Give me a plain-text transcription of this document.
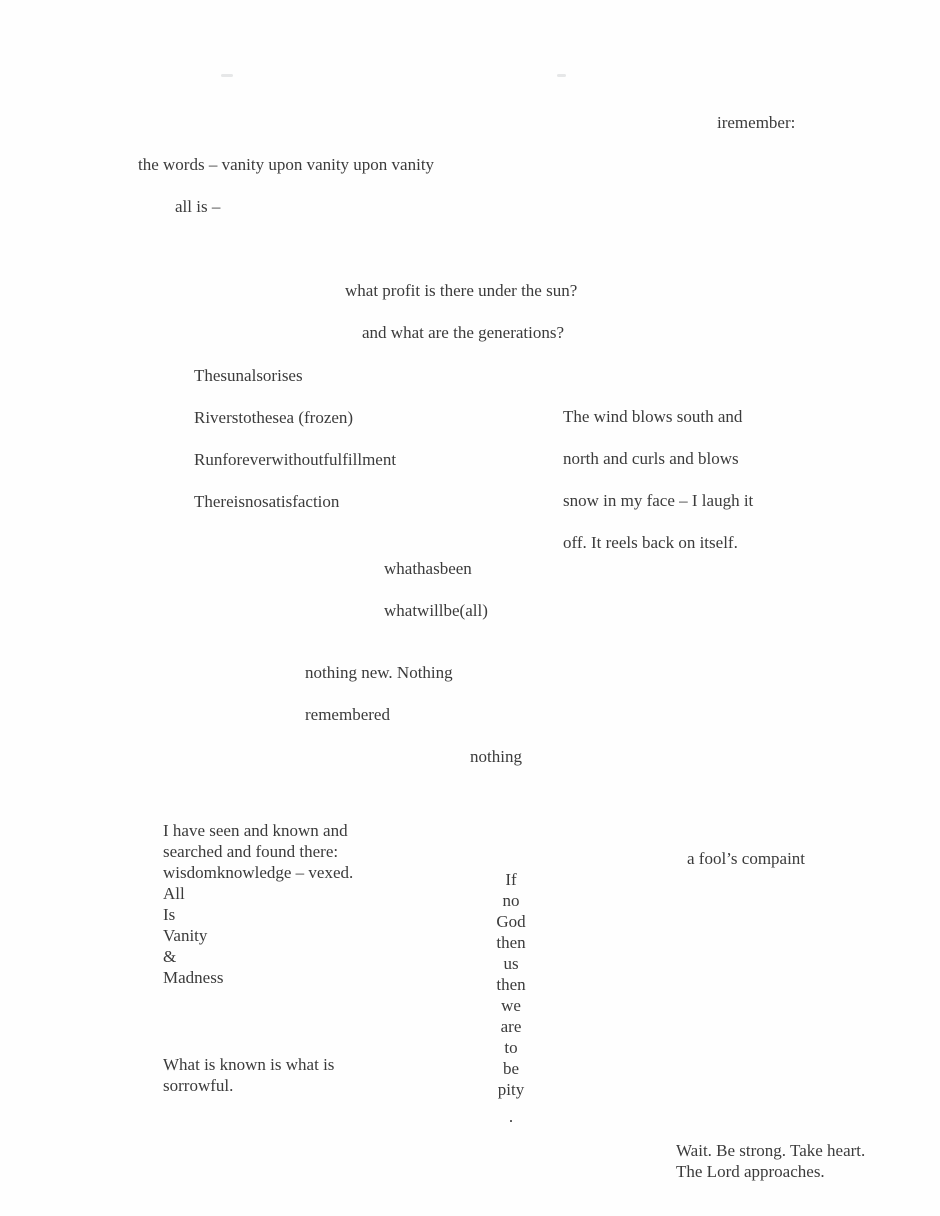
iremember:
the words – vanity upon vanity upon vanity
all is –
what profit is there under the sun?
and what are the generations?
Thesunalsorises
Riverstothesea (frozen)
Runforeverwithoutfulfillment
Thereisnosatisfaction
The wind blows south and
north and curls and blows
snow in my face – I laugh it
off. It reels back on itself.
whathasbeen
whatwillbe(all)
nothing new. Nothing
remembered
nothing
I have seen and known and
searched and found there:
wisdomknowledge – vexed.
All
Is
Vanity
&
Madness
If
no
God
then
us
then
we
are
to
be
pity
.
a fool’s compaint
What is known is what is
sorrowful.
Wait. Be strong. Take heart.
The Lord approaches.
